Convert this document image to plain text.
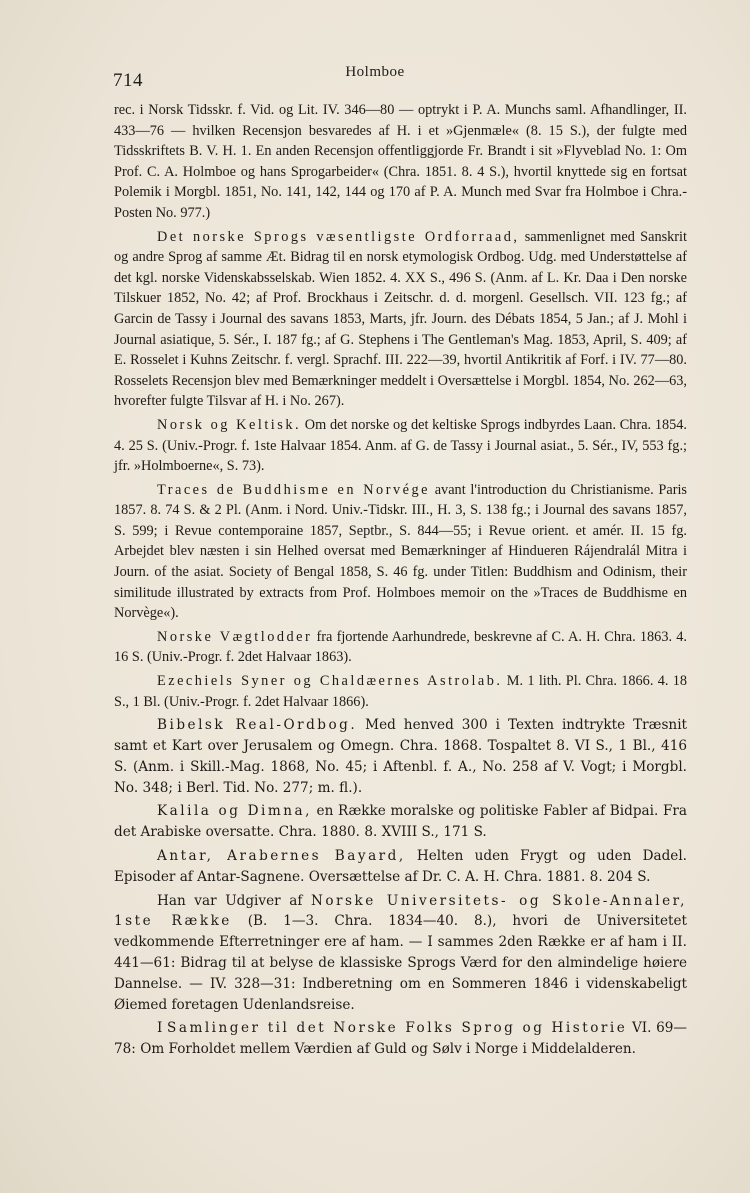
714	Holmboe

rec. i Norsk Tidsskr. f. Vid. og Lit. IV. 346—80 — optrykt i P. A. Munchs saml. Afhandlinger, II. 433—76 — hvilken Recensjon besvaredes af H. i et »Gjenmæle« (8. 15 S.), der fulgte med Tidsskriftets B. V. H. 1. En anden Recensjon offentliggjorde Fr. Brandt i sit »Flyveblad No. 1: Om Prof. C. A. Holmboe og hans Sprogarbeider« (Chra. 1851. 8. 4 S.), hvortil knyttede sig en fortsat Polemik i Morgbl. 1851, No. 141, 142, 144 og 170 af P. A. Munch med Svar fra Holmboe i Chra.-Posten No. 977.)

Det norske Sprogs væsentligste Ordforraad, sammenlignet med Sanskrit og andre Sprog af samme Æt. Bidrag til en norsk etymologisk Ordbog. Udg. med Understøttelse af det kgl. norske Videnskabsselskab. Wien 1852. 4. XX S., 496 S. (Anm. af L. Kr. Daa i Den norske Tilskuer 1852, No. 42; af Prof. Brockhaus i Zeitschr. d. d. morgenl. Gesellsch. VII. 123 fg.; af Garcin de Tassy i Journal des savans 1853, Marts, jfr. Journ. des Débats 1854, 5 Jan.; af J. Mohl i Journal asiatique, 5. Sér., I. 187 fg.; af G. Stephens i The Gentleman's Mag. 1853, April, S. 409; af E. Rosselet i Kuhns Zeitschr. f. vergl. Sprachf. III. 222—39, hvortil Antikritik af Forf. i IV. 77—80. Rosselets Recensjon blev med Bemærkninger meddelt i Oversættelse i Morgbl. 1854, No. 262—63, hvorefter fulgte Tilsvar af H. i No. 267).

Norsk og Keltisk. Om det norske og det keltiske Sprogs indbyrdes Laan. Chra. 1854. 4. 25 S. (Univ.-Progr. f. 1ste Halvaar 1854. Anm. af G. de Tassy i Journal asiat., 5. Sér., IV, 553 fg.; jfr. »Holmboerne«, S. 73).

Traces de Buddhisme en Norvége avant l'introduction du Christianisme. Paris 1857. 8. 74 S. & 2 Pl. (Anm. i Nord. Univ.-Tidskr. III., H. 3, S. 138 fg.; i Journal des savans 1857, S. 599; i Revue contemporaine 1857, Septbr., S. 844—55; i Revue orient. et amér. II. 15 fg. Arbejdet blev næsten i sin Helhed oversat med Bemærkninger af Hindueren Rájendralál Mitra i Journ. of the asiat. Society of Bengal 1858, S. 46 fg. under Titlen: Buddhism and Odinism, their similitude illustrated by extracts from Prof. Holmboes memoir on the »Traces de Buddhisme en Norvège«).

Norske Vægtlodder fra fjortende Aarhundrede, beskrevne af C. A. H. Chra. 1863. 4. 16 S. (Univ.-Progr. f. 2det Halvaar 1863).

Ezechiels Syner og Chaldæernes Astrolab. M. 1 lith. Pl. Chra. 1866. 4. 18 S., 1 Bl. (Univ.-Progr. f. 2det Halvaar 1866).

Bibelsk Real-Ordbog. Med henved 300 i Texten indtrykte Træsnit samt et Kart over Jerusalem og Omegn. Chra. 1868. Tospaltet 8. VI S., 1 Bl., 416 S. (Anm. i Skill.-Mag. 1868, No. 45; i Aftenbl. f. A., No. 258 af V. Vogt; i Morgbl. No. 348; i Berl. Tid. No. 277; m. fl.).

Kalila og Dimna, en Række moralske og politiske Fabler af Bidpai. Fra det Arabiske oversatte. Chra. 1880. 8. XVIII S., 171 S.

Antar, Arabernes Bayard, Helten uden Frygt og uden Dadel. Episoder af Antar-Sagnene. Oversættelse af Dr. C. A. H. Chra. 1881. 8. 204 S.

Han var Udgiver af Norske Universitets- og Skole-Annaler, 1ste Række (B. 1—3. Chra. 1834—40. 8.), hvori de Universitetet vedkommende Efterretninger ere af ham. — I sammes 2den Række er af ham i II. 441—61: Bidrag til at belyse de klassiske Sprogs Værd for den almindelige høiere Dannelse. — IV. 328—31: Indberetning om en Sommeren 1846 i videnskabeligt Øiemed foretagen Udenlandsreise.

I Samlinger til det Norske Folks Sprog og Historie VI. 69—78: Om Forholdet mellem Værdien af Guld og Sølv i Norge i Middelalderen.
